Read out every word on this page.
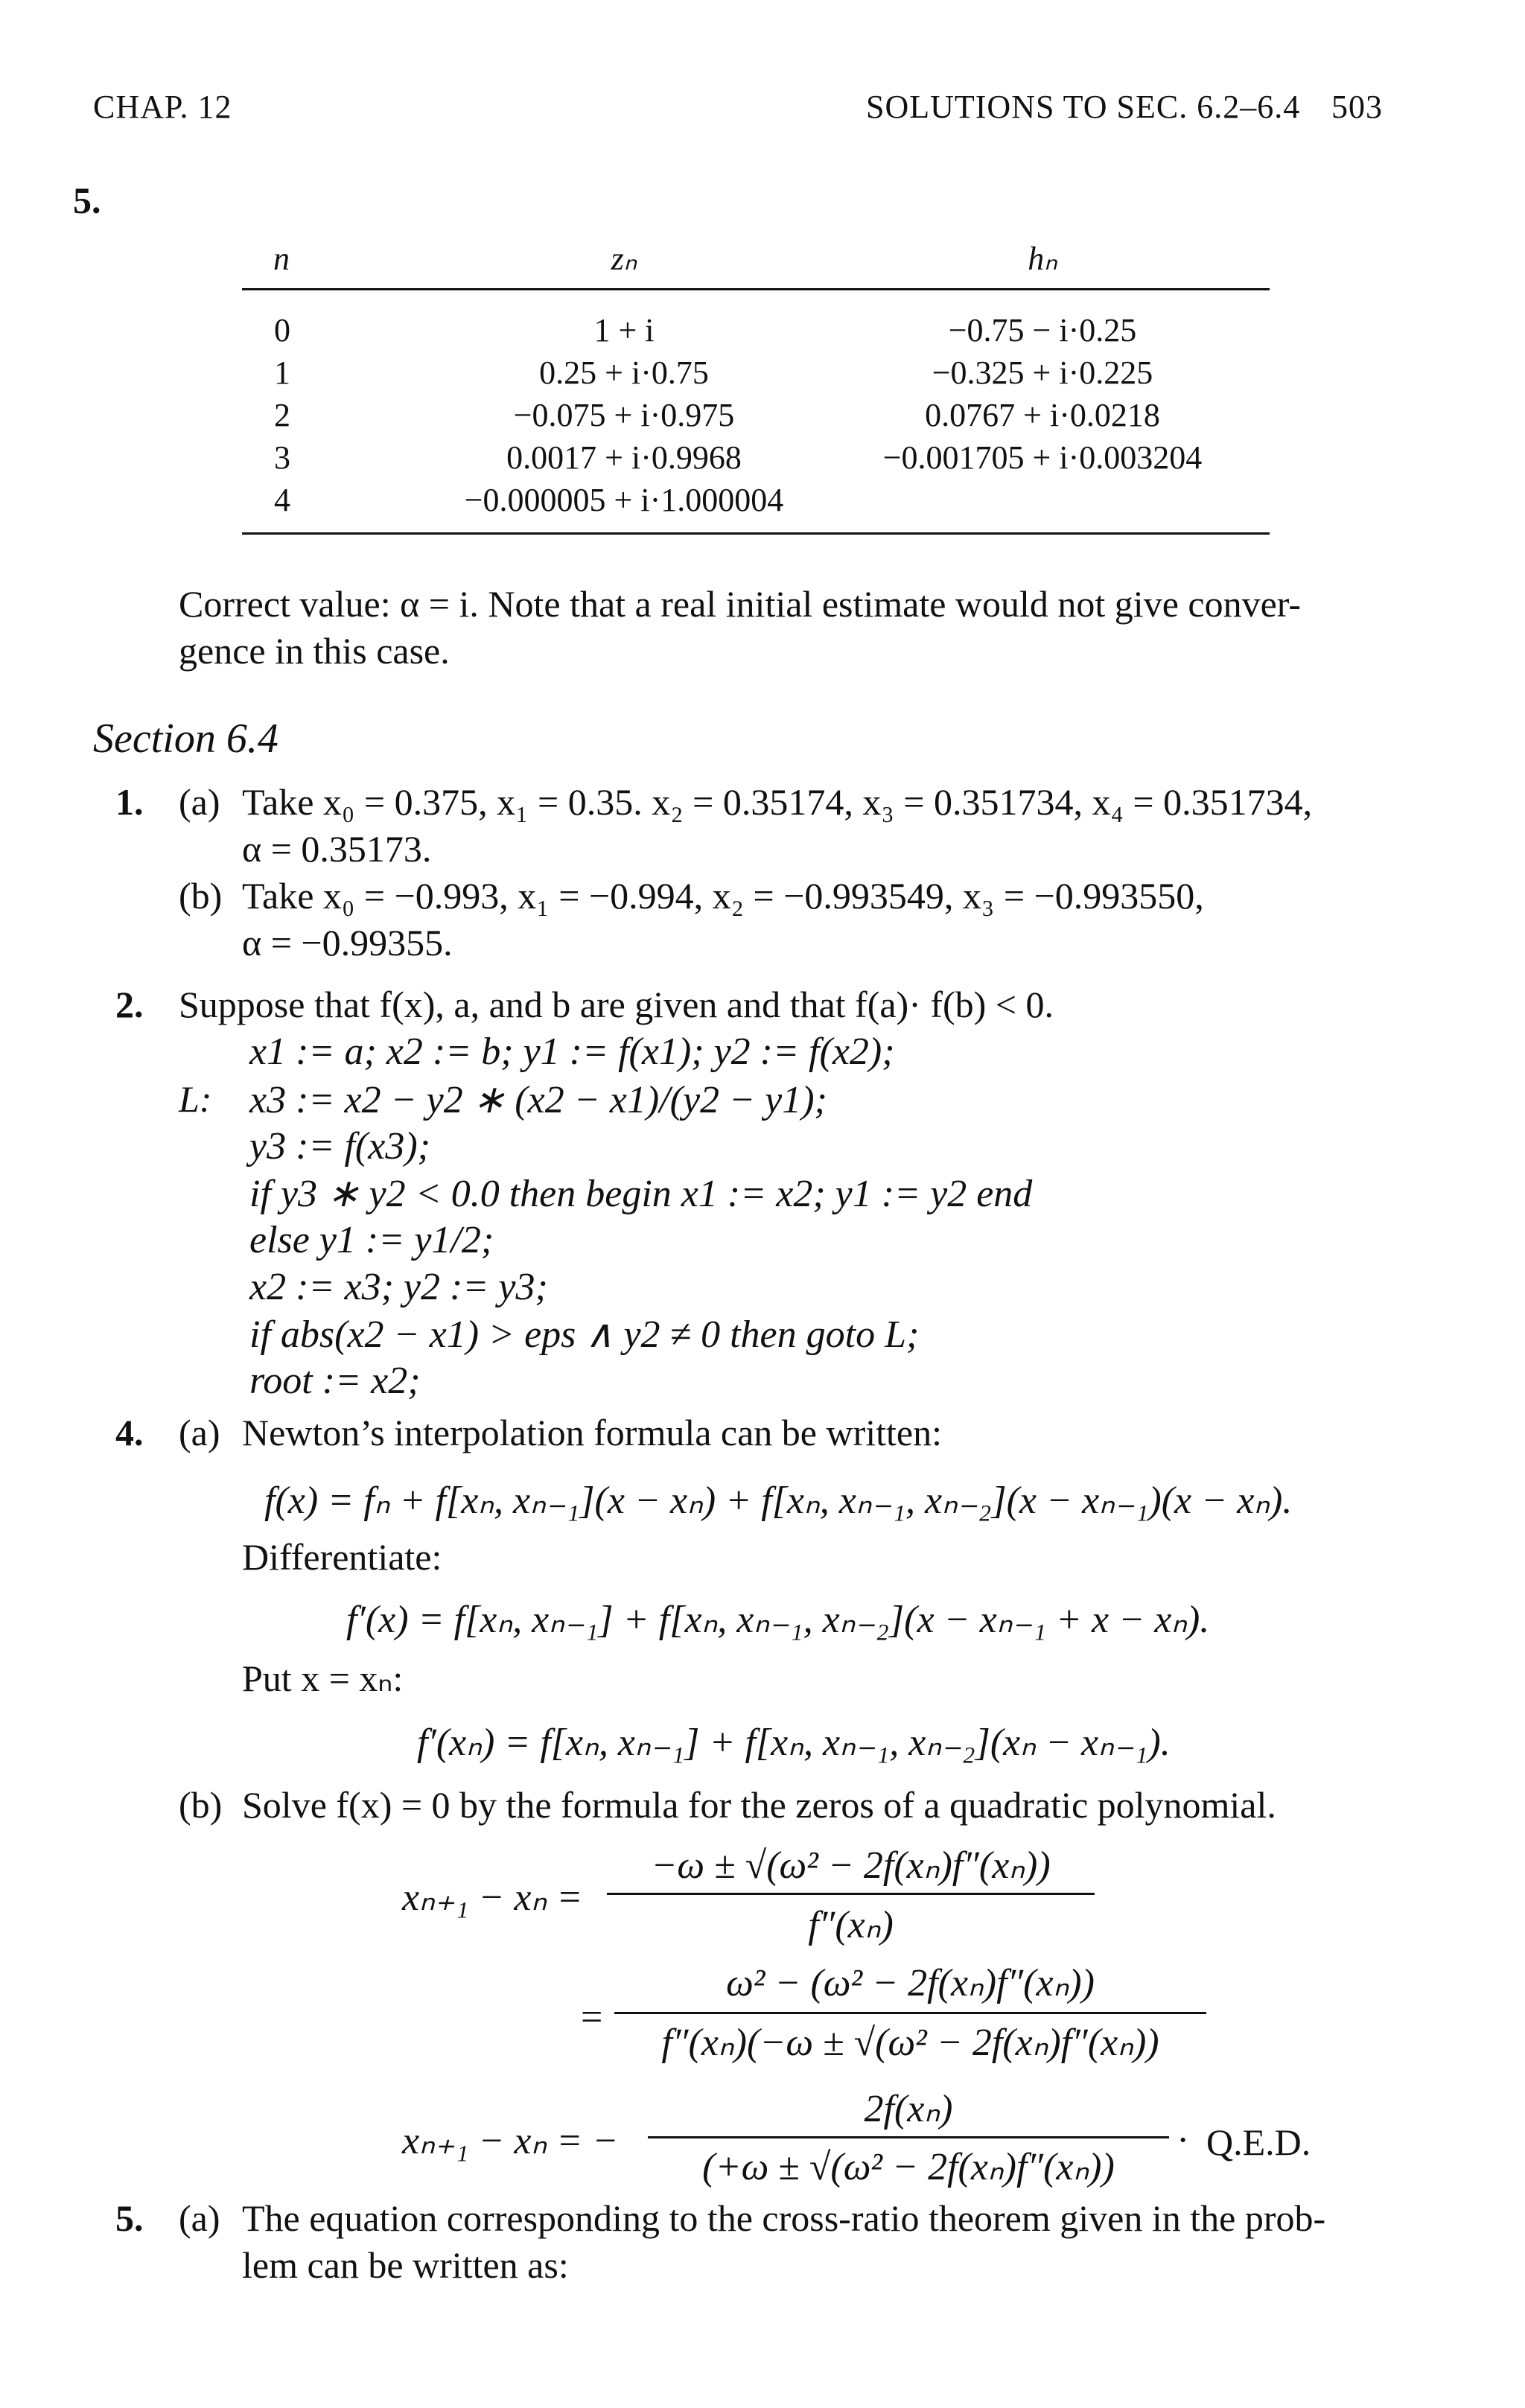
CHAP. 12	SOLUTIONS TO SEC. 6.2–6.4 503
5.
n	zₙ	hₙ
0	1 + i	−0.75 − i·0.25
1	0.25 + i·0.75	−0.325 + i·0.225
2	−0.075 + i·0.975	0.0767 + i·0.0218
3	0.0017 + i·0.9968	−0.001705 + i·0.003204
4	−0.000005 + i·1.000004
Correct value: α = i. Note that a real initial estimate would not give conver-
gence in this case.
Section 6.4
1. (a) Take x₀ = 0.375, x₁ = 0.35. x₂ = 0.35174, x₃ = 0.351734, x₄ = 0.351734,
α = 0.35173.
(b) Take x₀ = −0.993, x₁ = −0.994, x₂ = −0.993549, x₃ = −0.993550,
α = −0.99355.
2. Suppose that f(x), a, and b are given and that f(a)· f(b) < 0.
L:
x1 := a; x2 := b; y1 := f(x1); y2 := f(x2);
x3 := x2 − y2 ∗ (x2 − x1)/(y2 − y1);
y3 := f(x3);
if y3 ∗ y2 < 0.0 then begin x1 := x2; y1 := y2 end
else y1 := y1/2;
x2 := x3; y2 := y3;
if abs(x2 − x1) > eps ∧ y2 ≠ 0 then goto L;
root := x2;
4. (a) Newton’s interpolation formula can be written:
f(x) = fₙ + f[xₙ, xₙ₋₁](x − xₙ) + f[xₙ, xₙ₋₁, xₙ₋₂](x − xₙ₋₁)(x − xₙ).
Differentiate:
f′(x) = f[xₙ, xₙ₋₁] + f[xₙ, xₙ₋₁, xₙ₋₂](x − xₙ₋₁ + x − xₙ).
Put x = xₙ:
f′(xₙ) = f[xₙ, xₙ₋₁] + f[xₙ, xₙ₋₁, xₙ₋₂](xₙ − xₙ₋₁).
(b) Solve f(x) = 0 by the formula for the zeros of a quadratic polynomial.
xₙ₊₁ − xₙ =
−ω ± √(ω² − 2f(xₙ)f″(xₙ))
f″(xₙ)
=
ω² − (ω² − 2f(xₙ)f″(xₙ))
f″(xₙ)(−ω ± √(ω² − 2f(xₙ)f″(xₙ))
xₙ₊₁ − xₙ = −
2f(xₙ)
(+ω ± √(ω² − 2f(xₙ)f″(xₙ))
· Q.E.D.
5. (a) The equation corresponding to the cross-ratio theorem given in the prob-
lem can be written as:
